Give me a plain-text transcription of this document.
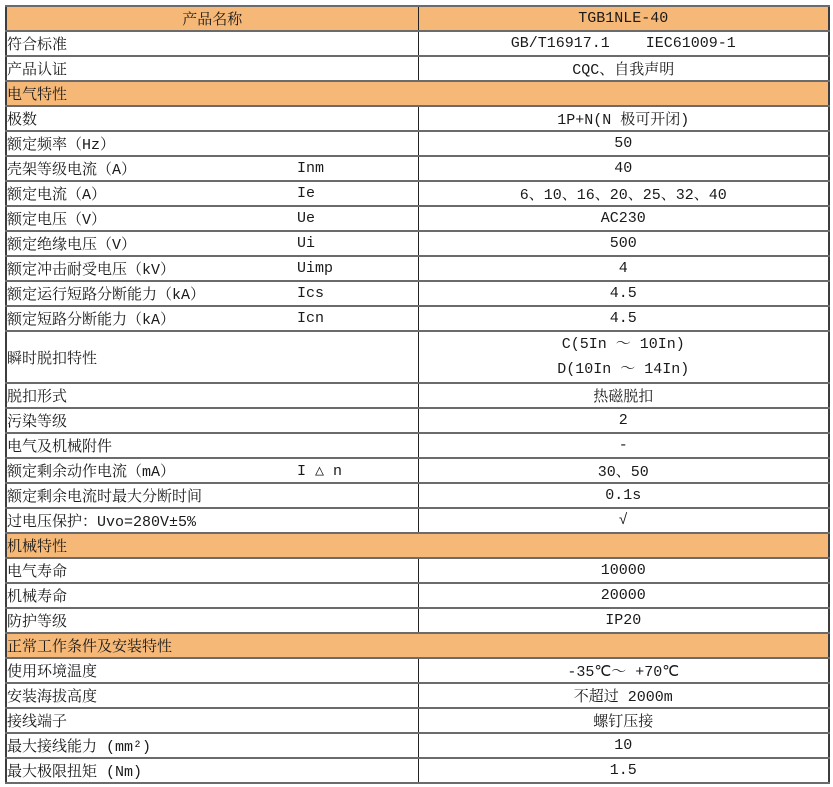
产品名称	TGB1NLE-40
符合标准	GB/T16917.1    IEC61009-1
产品认证	CQC、自我声明
电气特性	
极数	1P+N(N 极可开闭)
额定频率（Hz）	50
壳架等级电流（A） Inm	40
额定电流（A） Ie	6、10、16、20、25、32、40
额定电压（V） Ue	AC230
额定绝缘电压（V） Ui	500
额定冲击耐受电压（kV） Uimp	4
额定运行短路分断能力（kA） Ics	4.5
额定短路分断能力（kA） Icn	4.5
瞬时脱扣特性	C(5In ～ 10In)
D(10In ～ 14In)

脱扣形式	热磁脱扣
污染等级	2
电气及机械附件	-
额定剩余动作电流（mA） I △ n	30、50
额定剩余电流时最大分断时间	0.1s
过电压保护：Uvo=280V±5%	√
机械特性	
电气寿命	10000
机械寿命	20000
防护等级	IP20
正常工作条件及安装特性	
使用环境温度	-35℃～ +70℃
安装海拔高度	不超过 2000m
接线端子	螺钉压接
最大接线能力 (mm²)	10
最大极限扭矩 (Nm)	1.5
